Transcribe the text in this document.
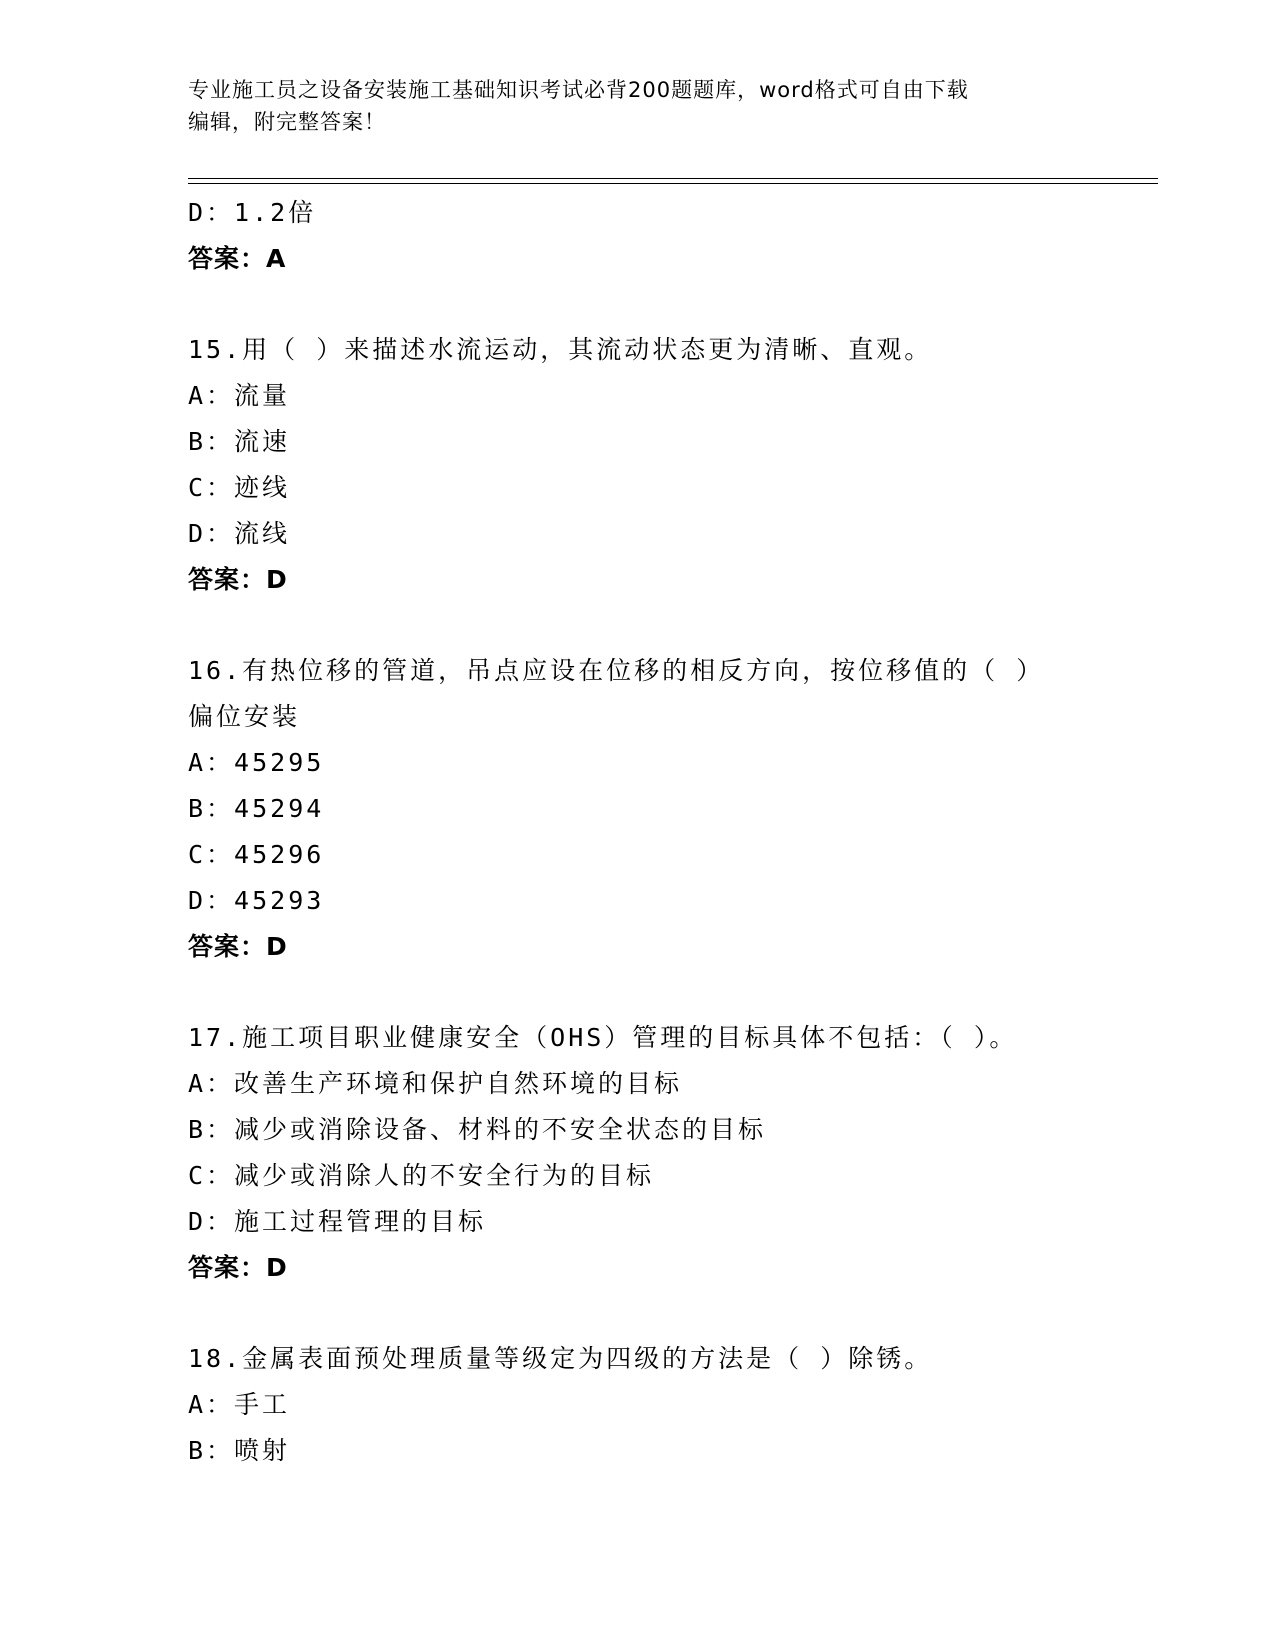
专业施工员之设备安装施工基础知识考试必背200题题库，word格式可自由下载
编辑，附完整答案！
D：1.2倍
答案：A
15.用（ ）来描述水流运动，其流动状态更为清晰、直观。
A：流量
B：流速
C：迹线
D：流线
答案：D
16.有热位移的管道，吊点应设在位移的相反方向，按位移值的（ ）
偏位安装
A：45295
B：45294
C：45296
D：45293
答案：D
17.施工项目职业健康安全（OHS）管理的目标具体不包括：（ ）。
A：改善生产环境和保护自然环境的目标
B：减少或消除设备、材料的不安全状态的目标
C：减少或消除人的不安全行为的目标
D：施工过程管理的目标
答案：D
18.金属表面预处理质量等级定为四级的方法是（ ）除锈。
A：手工
B：喷射
